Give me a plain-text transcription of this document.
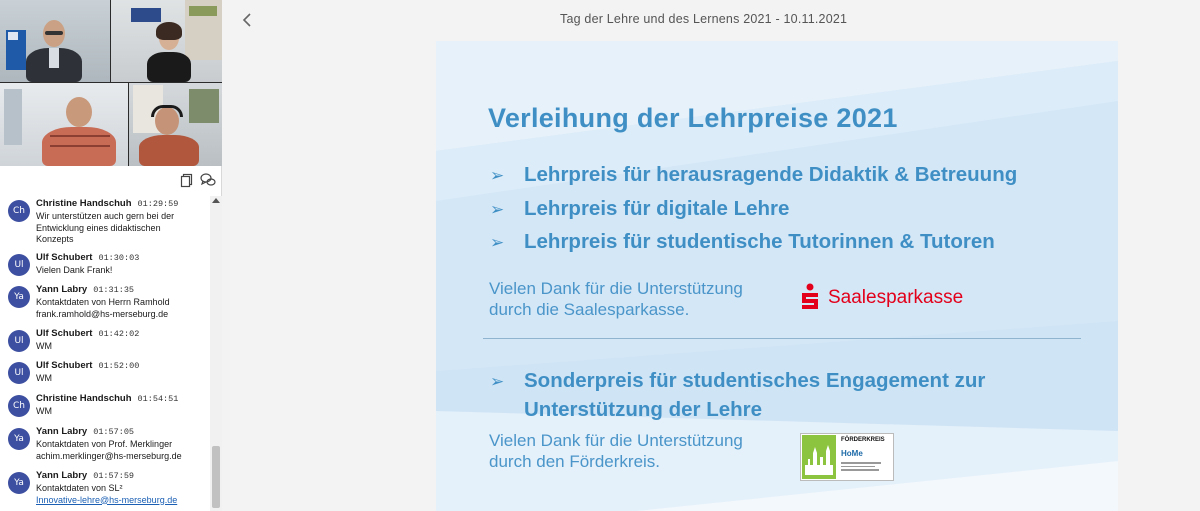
Ch
Christine Handschuh 01:29:59
Wir unterstützen auch gern bei der
Entwicklung eines didaktischen
Konzepts
Ul
Ulf Schubert 01:30:03
Vielen Dank Frank!
Ya
Yann Labry 01:31:35
Kontaktdaten von Herrn Ramhold
frank.ramhold@hs-merseburg.de
Ul
Ulf Schubert 01:42:02
WM
Ul
Ulf Schubert 01:52:00
WM
Ch
Christine Handschuh 01:54:51
WM
Ya
Yann Labry 01:57:05
Kontaktdaten von Prof. Merklinger
achim.merklinger@hs-merseburg.de
Ya
Yann Labry 01:57:59
Kontaktdaten von SL²
Innovative-lehre@hs-merseburg.de
Tag der Lehre und des Lernens 2021 - 10.11.2021
Verleihung der Lehrpreise 2021
➢ Lehrpreis für herausragende Didaktik & Betreuung
➢ Lehrpreis für digitale Lehre
➢ Lehrpreis für studentische Tutorinnen & Tutoren
Vielen Dank für die Unterstützung
durch die Saalesparkasse.
Saalesparkasse
➢ Sonderpreis für studentisches Engagement zur
Unterstützung der Lehre
Vielen Dank für die Unterstützung
durch den Förderkreis.
FÖRDERKREIS
HoMe
